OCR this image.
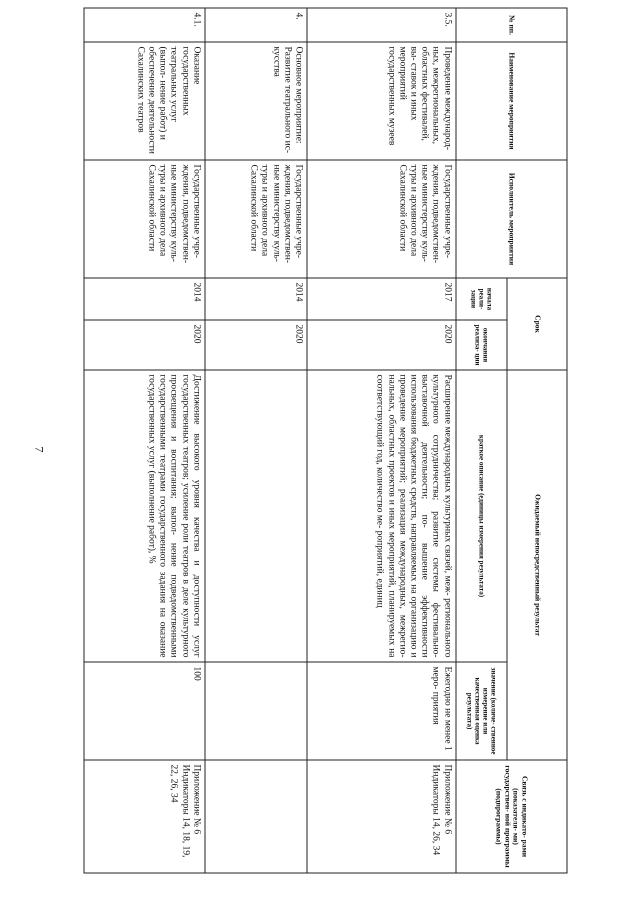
7
№ пп.	Наименование мероприятия	Исполнитель мероприятия	Срок		Ожидаемый непосредственный результат		Связь с индикато- рами (показателя- ми) государствен- ной программы (подпрограммы)
			начала реали- зации	окончания реализа- ции	краткое описание (единицы измерения результата)	значение (количе- ственное измерение или качественная оценка результата)	
3.5.	Проведение международ- ных, межрегиональных, областных фестивалей, вы- ставок и иных мероприятий государственных музеев	Государственные учре- ждения, подведомствен- ные министерству куль- туры и архивного дела Сахалинской области	2017	2020	Расширение международных культурных связей, меж- регионального культурного сотрудничества; развитие системы фестивально-выставочной деятельности; по- вышение эффективности использования бюджетных средств, направляемых на организацию и проведение мероприятий; реализация международных, межрегио- нальных, областных проектов и иных мероприятий, планируемых на соответствующий год, количество ме- роприятий, единиц	Ежегодно не менее 1 меро- приятия	Приложение № 6 Индикаторы 14, 26, 34
4.	Основное мероприятие: Развитие театрального ис- кусства	Государственные учре- ждения, подведомствен- ные министерству куль- туры и архивного дела Сахалинской области	2014	2020			
4.1.	Оказание государственных театральных услуг (выпол- нение работ) и обеспечение деятельности Сахалинских театров	Государственные учре- ждения, подведомствен- ные министерству куль- туры и архивного дела Сахалинской области	2014	2020	Достижение высокого уровня качества и доступности услуг государственных театров; усиление роли театров в деле культурного просвещения и воспитания; выпол- нение подведомственными государственными театрами государственного задания на оказание государственных услуг (выполнение работ), %	100	Приложение № 6 Индикаторы 14, 18, 19, 22, 26, 34
